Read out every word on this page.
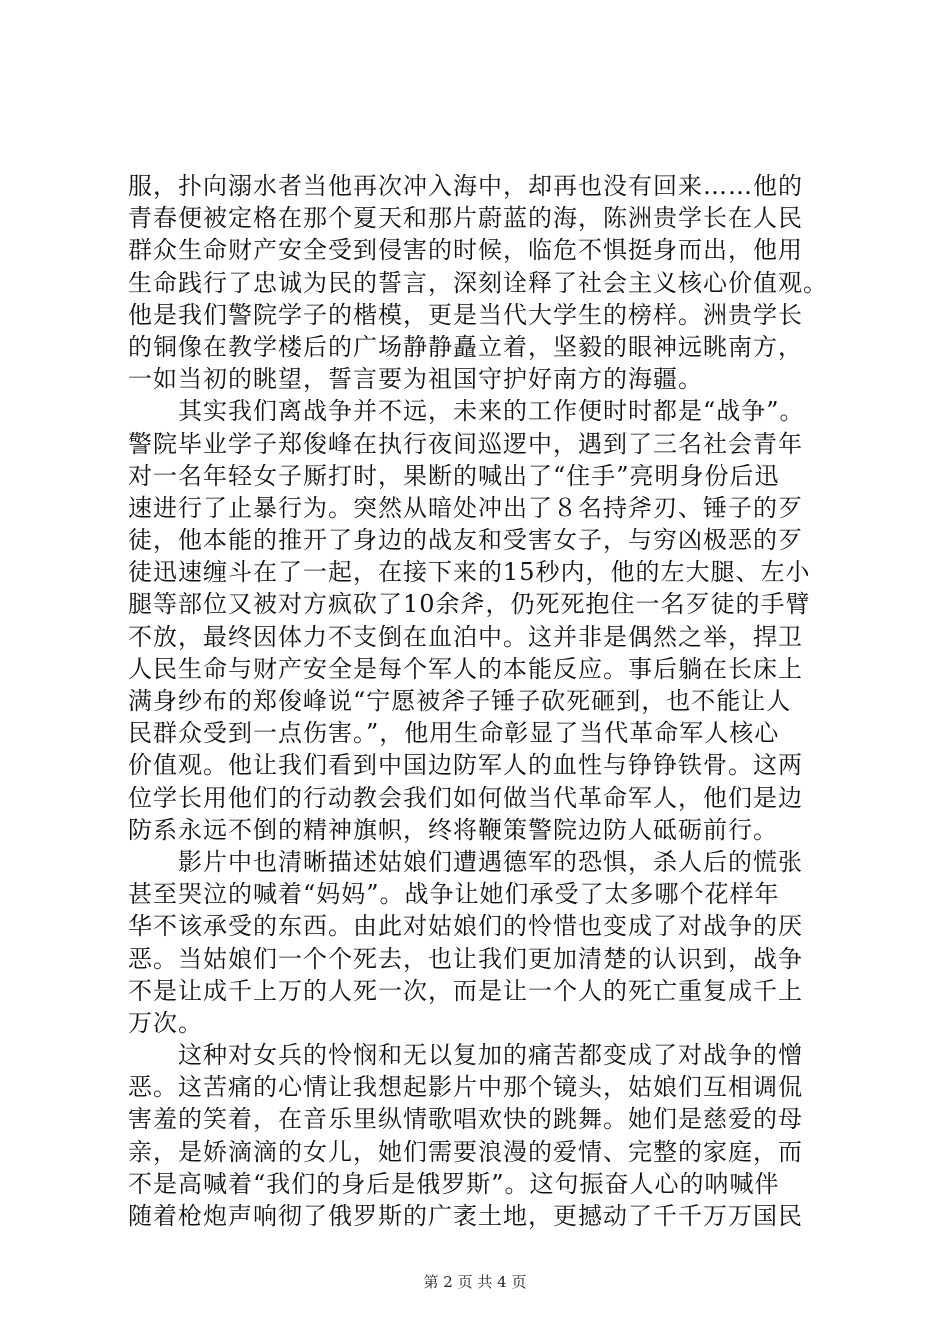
服，扑向溺水者当他再次冲入海中，却再也没有回来……他的
青春便被定格在那个夏天和那片蔚蓝的海，陈洲贵学长在人民
群众生命财产安全受到侵害的时候，临危不惧挺身而出，他用
生命践行了忠诚为民的誓言，深刻诠释了社会主义核心价值观。
他是我们警院学子的楷模，更是当代大学生的榜样。洲贵学长
的铜像在教学楼后的广场静静矗立着，坚毅的眼神远眺南方，
一如当初的眺望，誓言要为祖国守护好南方的海疆。
其实我们离战争并不远，未来的工作便时时都是“战争”。
警院毕业学子郑俊峰在执行夜间巡逻中，遇到了三名社会青年
对一名年轻女子厮打时，果断的喊出了“住手”亮明身份后迅
速进行了止暴行为。突然从暗处冲出了８名持斧刃、锤子的歹
徒，他本能的推开了身边的战友和受害女子，与穷凶极恶的歹
徒迅速缠斗在了一起，在接下来的15秒内，他的左大腿、左小
腿等部位又被对方疯砍了10余斧，仍死死抱住一名歹徒的手臂
不放，最终因体力不支倒在血泊中。这并非是偶然之举，捍卫
人民生命与财产安全是每个军人的本能反应。事后躺在长床上
满身纱布的郑俊峰说“宁愿被斧子锤子砍死砸到，也不能让人
民群众受到一点伤害。”，他用生命彰显了当代革命军人核心
价值观。他让我们看到中国边防军人的血性与铮铮铁骨。这两
位学长用他们的行动教会我们如何做当代革命军人，他们是边
防系永远不倒的精神旗帜，终将鞭策警院边防人砥砺前行。
影片中也清晰描述姑娘们遭遇德军的恐惧，杀人后的慌张
甚至哭泣的喊着“妈妈”。战争让她们承受了太多哪个花样年
华不该承受的东西。由此对姑娘们的怜惜也变成了对战争的厌
恶。当姑娘们一个个死去，也让我们更加清楚的认识到，战争
不是让成千上万的人死一次，而是让一个人的死亡重复成千上
万次。
这种对女兵的怜悯和无以复加的痛苦都变成了对战争的憎
恶。这苦痛的心情让我想起影片中那个镜头，姑娘们互相调侃
害羞的笑着，在音乐里纵情歌唱欢快的跳舞。她们是慈爱的母
亲，是娇滴滴的女儿，她们需要浪漫的爱情、完整的家庭，而
不是高喊着“我们的身后是俄罗斯”。这句振奋人心的呐喊伴
随着枪炮声响彻了俄罗斯的广袤土地，更撼动了千千万万国民
第 2 页 共 4 页
